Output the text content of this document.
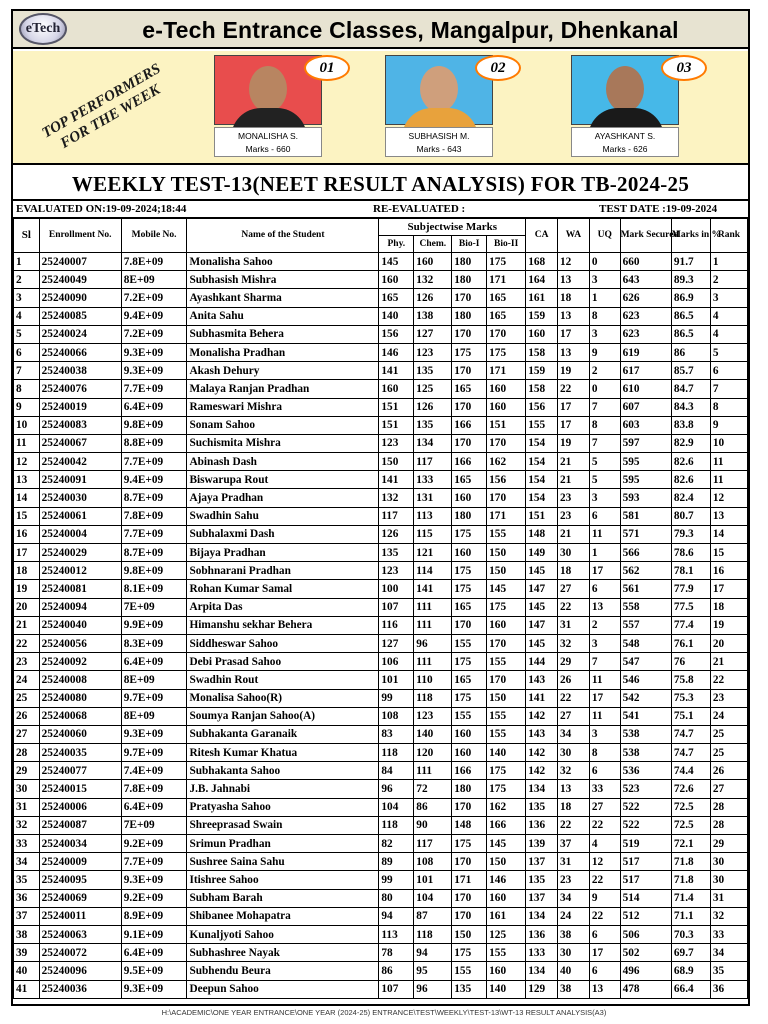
eTech	e-Tech Entrance Classes, Mangalpur, Dhenkanal
TOP PERFORMERS FOR THE WEEK	MONALISHA S.
Marks - 660
01
SUBHASISH M.
Marks - 643
02
AYASHKANT S.
Marks - 626
03
WEEKLY TEST-13(NEET RESULT ANALYSIS) FOR TB-2024-25
EVALUATED ON:19-09-2024;18:44	RE-EVALUATED :	TEST DATE :19-09-2024
Sl	Enrollment No.	Mobile No.	Name of the Student	Subjectwise Marks				CA	WA	UQ	Mark Secured	Marks in %	Rank
				Phy.	Chem.	Bio-I	Bio-II						
1	25240007	7.8E+09	Monalisha Sahoo	145	160	180	175	168	12	0	660	91.7	1
2	25240049	8E+09	Subhasish Mishra	160	132	180	171	164	13	3	643	89.3	2
3	25240090	7.2E+09	Ayashkant Sharma	165	126	170	165	161	18	1	626	86.9	3
4	25240085	9.4E+09	Anita Sahu	140	138	180	165	159	13	8	623	86.5	4
5	25240024	7.2E+09	Subhasmita Behera	156	127	170	170	160	17	3	623	86.5	4
6	25240066	9.3E+09	Monalisha Pradhan	146	123	175	175	158	13	9	619	86	5
7	25240038	9.3E+09	Akash Dehury	141	135	170	171	159	19	2	617	85.7	6
8	25240076	7.7E+09	Malaya Ranjan Pradhan	160	125	165	160	158	22	0	610	84.7	7
9	25240019	6.4E+09	Rameswari Mishra	151	126	170	160	156	17	7	607	84.3	8
10	25240083	9.8E+09	Sonam Sahoo	151	135	166	151	155	17	8	603	83.8	9
11	25240067	8.8E+09	Suchismita Mishra	123	134	170	170	154	19	7	597	82.9	10
12	25240042	7.7E+09	Abinash Dash	150	117	166	162	154	21	5	595	82.6	11
13	25240091	9.4E+09	Biswarupa Rout	141	133	165	156	154	21	5	595	82.6	11
14	25240030	8.7E+09	Ajaya Pradhan	132	131	160	170	154	23	3	593	82.4	12
15	25240061	7.8E+09	Swadhin Sahu	117	113	180	171	151	23	6	581	80.7	13
16	25240004	7.7E+09	Subhalaxmi Dash	126	115	175	155	148	21	11	571	79.3	14
17	25240029	8.7E+09	Bijaya Pradhan	135	121	160	150	149	30	1	566	78.6	15
18	25240012	9.8E+09	Sobhnarani Pradhan	123	114	175	150	145	18	17	562	78.1	16
19	25240081	8.1E+09	Rohan Kumar Samal	100	141	175	145	147	27	6	561	77.9	17
20	25240094	7E+09	Arpita Das	107	111	165	175	145	22	13	558	77.5	18
21	25240040	9.9E+09	Himanshu sekhar Behera	116	111	170	160	147	31	2	557	77.4	19
22	25240056	8.3E+09	Siddheswar Sahoo	127	96	155	170	145	32	3	548	76.1	20
23	25240092	6.4E+09	Debi Prasad Sahoo	106	111	175	155	144	29	7	547	76	21
24	25240008	8E+09	Swadhin Rout	101	110	165	170	143	26	11	546	75.8	22
25	25240080	9.7E+09	Monalisa Sahoo(R)	99	118	175	150	141	22	17	542	75.3	23
26	25240068	8E+09	Soumya Ranjan Sahoo(A)	108	123	155	155	142	27	11	541	75.1	24
27	25240060	9.3E+09	Subhakanta Garanaik	83	140	160	155	143	34	3	538	74.7	25
28	25240035	9.7E+09	Ritesh Kumar Khatua	118	120	160	140	142	30	8	538	74.7	25
29	25240077	7.4E+09	Subhakanta Sahoo	84	111	166	175	142	32	6	536	74.4	26
30	25240015	7.8E+09	J.B. Jahnabi	96	72	180	175	134	13	33	523	72.6	27
31	25240006	6.4E+09	Pratyasha Sahoo	104	86	170	162	135	18	27	522	72.5	28
32	25240087	7E+09	Shreeprasad Swain	118	90	148	166	136	22	22	522	72.5	28
33	25240034	9.2E+09	Srimun Pradhan	82	117	175	145	139	37	4	519	72.1	29
34	25240009	7.7E+09	Sushree Saina Sahu	89	108	170	150	137	31	12	517	71.8	30
35	25240095	9.3E+09	Itishree Sahoo	99	101	171	146	135	23	22	517	71.8	30
36	25240069	9.2E+09	Subham Barah	80	104	170	160	137	34	9	514	71.4	31
37	25240011	8.9E+09	Shibanee Mohapatra	94	87	170	161	134	24	22	512	71.1	32
38	25240063	9.1E+09	Kunaljyoti Sahoo	113	118	150	125	136	38	6	506	70.3	33
39	25240072	6.4E+09	Subhashree Nayak	78	94	175	155	133	30	17	502	69.7	34
40	25240096	9.5E+09	Subhendu Beura	86	95	155	160	134	40	6	496	68.9	35
41	25240036	9.3E+09	Deepun Sahoo	107	96	135	140	129	38	13	478	66.4	36
H:\ACADEMIC\ONE YEAR ENTRANCE\ONE YEAR (2024-25) ENTRANCE\TEST\WEEKLY\TEST-13\WT-13 RESULT ANALYSIS(A3)
